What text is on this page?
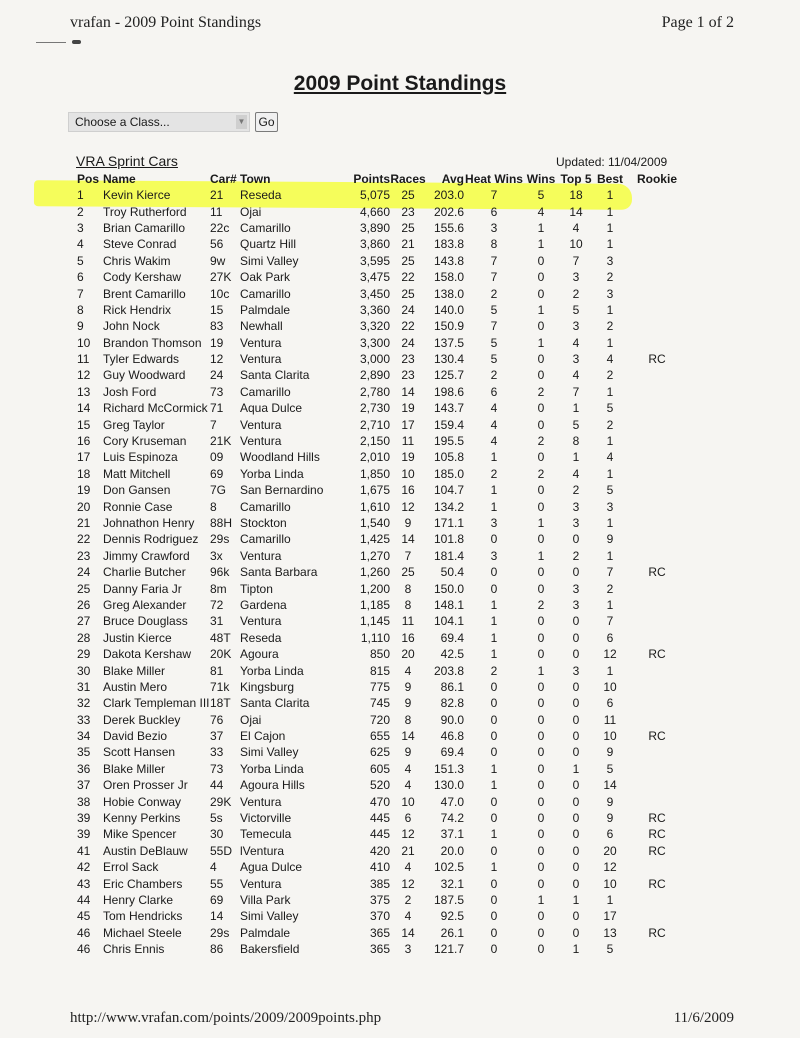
vrafan - 2009 Point Standings	Page 1 of 2
2009 Point Standings
Choose a Class...	▼ Go
VRA Sprint Cars	Updated: 11/04/2009
Pos	Name	Car#	Town	Points	Races	Avg	Heat Wins	Wins	Top 5	Best	Rookie
1	Kevin Kierce	21	Reseda	5,075	25	203.0	7	5	18	1	
2	Troy Rutherford	11	Ojai	4,660	23	202.6	6	4	14	1	
3	Brian Camarillo	22c	Camarillo	3,890	25	155.6	3	1	4	1	
4	Steve Conrad	56	Quartz Hill	3,860	21	183.8	8	1	10	1	
5	Chris Wakim	9w	Simi Valley	3,595	25	143.8	7	0	7	3	
6	Cody Kershaw	27K	Oak Park	3,475	22	158.0	7	0	3	2	
7	Brent Camarillo	10c	Camarillo	3,450	25	138.0	2	0	2	3	
8	Rick Hendrix	15	Palmdale	3,360	24	140.0	5	1	5	1	
9	John Nock	83	Newhall	3,320	22	150.9	7	0	3	2	
10	Brandon Thomson	19	Ventura	3,300	24	137.5	5	1	4	1	
11	Tyler Edwards	12	Ventura	3,000	23	130.4	5	0	3	4	RC
12	Guy Woodward	24	Santa Clarita	2,890	23	125.7	2	0	4	2	
13	Josh Ford	73	Camarillo	2,780	14	198.6	6	2	7	1	
14	Richard McCormick	71	Aqua Dulce	2,730	19	143.7	4	0	1	5	
15	Greg Taylor	7	Ventura	2,710	17	159.4	4	0	5	2	
16	Cory Kruseman	21K	Ventura	2,150	11	195.5	4	2	8	1	
17	Luis Espinoza	09	Woodland Hills	2,010	19	105.8	1	0	1	4	
18	Matt Mitchell	69	Yorba Linda	1,850	10	185.0	2	2	4	1	
19	Don Gansen	7G	San Bernardino	1,675	16	104.7	1	0	2	5	
20	Ronnie Case	8	Camarillo	1,610	12	134.2	1	0	3	3	
21	Johnathon Henry	88H	Stockton	1,540	9	171.1	3	1	3	1	
22	Dennis Rodriguez	29s	Camarillo	1,425	14	101.8	0	0	0	9	
23	Jimmy Crawford	3x	Ventura	1,270	7	181.4	3	1	2	1	
24	Charlie Butcher	96k	Santa Barbara	1,260	25	50.4	0	0	0	7	RC
25	Danny Faria Jr	8m	Tipton	1,200	8	150.0	0	0	3	2	
26	Greg Alexander	72	Gardena	1,185	8	148.1	1	2	3	1	
27	Bruce Douglass	31	Ventura	1,145	11	104.1	1	0	0	7	
28	Justin Kierce	48T	Reseda	1,110	16	69.4	1	0	0	6	
29	Dakota Kershaw	20K	Agoura	850	20	42.5	1	0	0	12	RC
30	Blake Miller	81	Yorba Linda	815	4	203.8	2	1	3	1	
31	Austin Mero	71k	Kingsburg	775	9	86.1	0	0	0	10	
32	Clark Templeman III	18T	Santa Clarita	745	9	82.8	0	0	0	6	
33	Derek Buckley	76	Ojai	720	8	90.0	0	0	0	11	
34	David Bezio	37	El Cajon	655	14	46.8	0	0	0	10	RC
35	Scott Hansen	33	Simi Valley	625	9	69.4	0	0	0	9	
36	Blake Miller	73	Yorba Linda	605	4	151.3	1	0	1	5	
37	Oren Prosser Jr	44	Agoura Hills	520	4	130.0	1	0	0	14	
38	Hobie Conway	29K	Ventura	470	10	47.0	0	0	0	9	
39	Kenny Perkins	5s	Victorville	445	6	74.2	0	0	0	9	RC
39	Mike Spencer	30	Temecula	445	12	37.1	1	0	0	6	RC
41	Austin DeBlauw	55D	lVentura	420	21	20.0	0	0	0	20	RC
42	Errol Sack	4	Agua Dulce	410	4	102.5	1	0	0	12	
43	Eric Chambers	55	Ventura	385	12	32.1	0	0	0	10	RC
44	Henry Clarke	69	Villa Park	375	2	187.5	0	1	1	1	
45	Tom Hendricks	14	Simi Valley	370	4	92.5	0	0	0	17	
46	Michael Steele	29s	Palmdale	365	14	26.1	0	0	0	13	RC
46	Chris Ennis	86	Bakersfield	365	3	121.7	0	0	1	5	
http://www.vrafan.com/points/2009/2009points.php	11/6/2009
